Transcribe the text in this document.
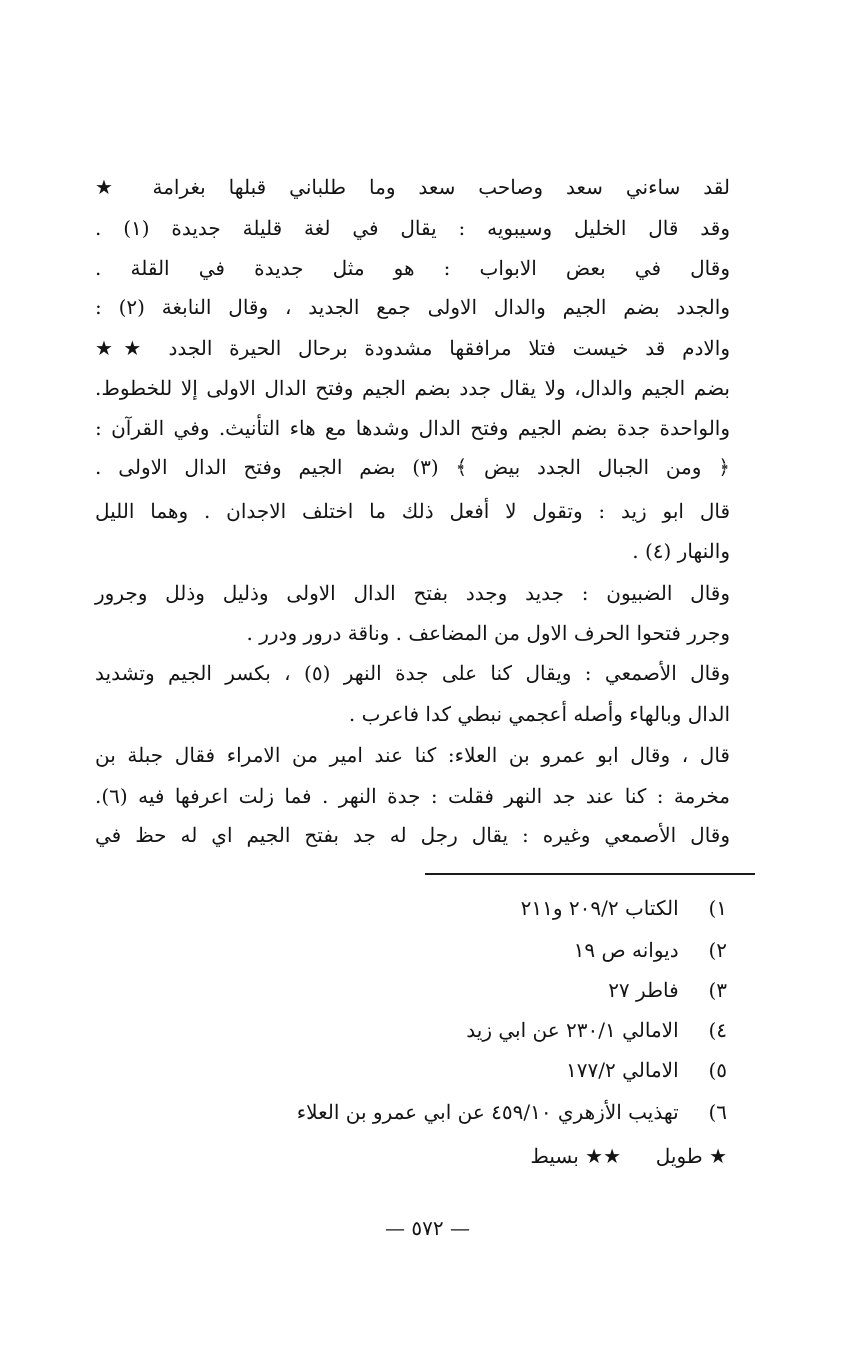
لقد ساءني سعد وصاحب سعد وما طلباني قبلها بغرامة ★
وقد قال الخليل وسيبويه : يقال في لغة قليلة جديدة (١) .
وقال في بعض الابواب : هو مثل جديدة في القلة .
والجدد بضم الجيم والدال الاولى جمع الجديد ، وقال النابغة (٢) :
والادم قد خيست فتلا مرافقها مشدودة برحال الحيرة الجدد ★★
بضم الجيم والدال، ولا يقال جدد بضم الجيم وفتح الدال الاولى إلا للخطوط.
والواحدة جدة بضم الجيم وفتح الدال وشدها مع هاء التأنيث. وفي القرآن :
﴿ ومن الجبال الجدد بيض ﴾ (٣) بضم الجيم وفتح الدال الاولى .
قال ابو زيد : وتقول لا أفعل ذلك ما اختلف الاجدان . وهما الليل
والنهار (٤) .
وقال الضبيون : جديد وجدد بفتح الدال الاولى وذليل وذلل وجرور
وجرر فتحوا الحرف الاول من المضاعف . وناقة درور ودرر .
وقال الأصمعي : ويقال كنا على جدة النهر (٥) ، بكسر الجيم وتشديد
الدال وبالهاء وأصله أعجمي نبطي كدا فاعرب .
قال ، وقال ابو عمرو بن العلاء: كنا عند امير من الامراء فقال جبلة بن
مخرمة : كنا عند جد النهر فقلت : جدة النهر . فما زلت اعرفها فيه (٦).
وقال الأصمعي وغيره : يقال رجل له جد بفتح الجيم اي له حظ في
١) الكتاب ٢٠٩/٢ و٢١١
٢) ديوانه ص ١٩
٣) فاطر ٢٧
٤) الامالي ٢٣٠/١ عن ابي زيد
٥) الامالي ١٧٧/٢
٦) تهذيب الأزهري ٤٥٩/١٠ عن ابي عمرو بن العلاء
★ طويل  ★★ بسيط
— ٥٧٢ —
